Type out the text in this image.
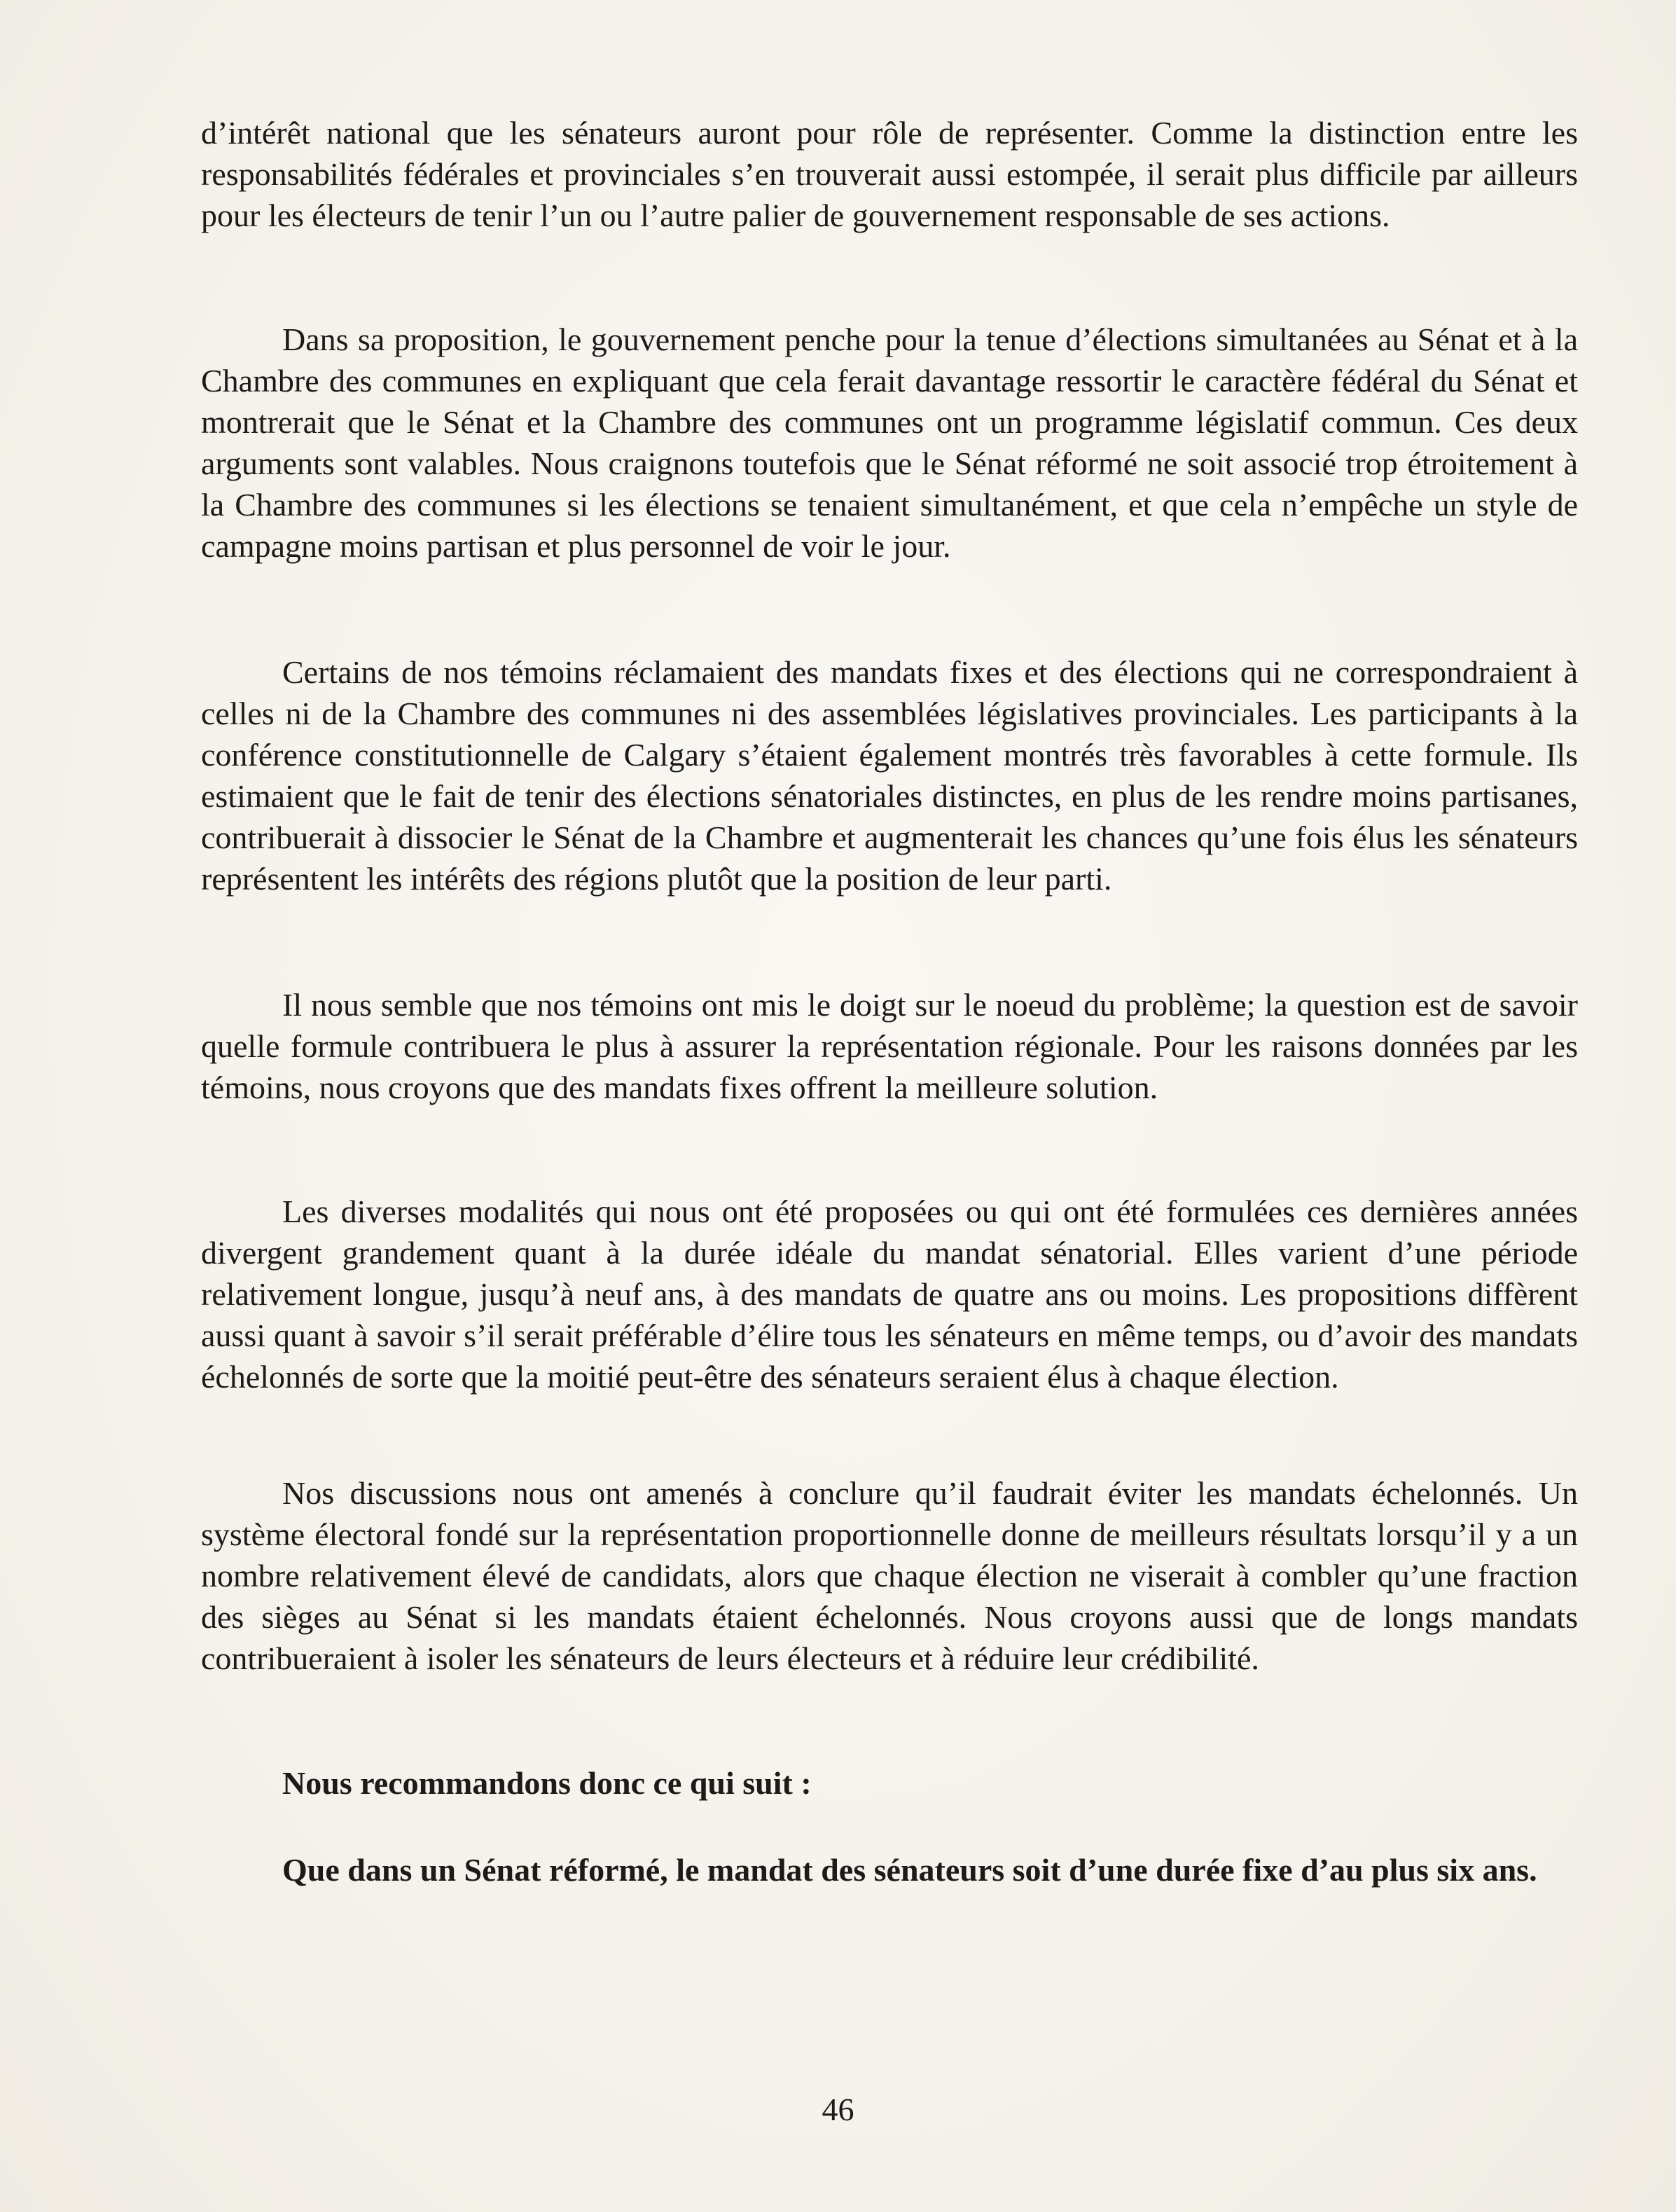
d’intérêt national que les sénateurs auront pour rôle de représenter. Comme la distinction entre les responsabilités fédérales et provinciales s’en trouverait aussi estompée, il serait plus difficile par ailleurs pour les électeurs de tenir l’un ou l’autre palier de gouvernement responsable de ses actions.

Dans sa proposition, le gouvernement penche pour la tenue d’élections simultanées au Sénat et à la Chambre des communes en expliquant que cela ferait davantage ressortir le caractère fédéral du Sénat et montrerait que le Sénat et la Chambre des communes ont un programme législatif commun. Ces deux arguments sont valables. Nous craignons toutefois que le Sénat réformé ne soit associé trop étroitement à la Chambre des communes si les élections se tenaient simultanément, et que cela n’empêche un style de campagne moins partisan et plus personnel de voir le jour.

Certains de nos témoins réclamaient des mandats fixes et des élections qui ne correspondraient à celles ni de la Chambre des communes ni des assemblées législatives provinciales. Les participants à la conférence constitutionnelle de Calgary s’étaient également montrés très favorables à cette formule. Ils estimaient que le fait de tenir des élections sénatoriales distinctes, en plus de les rendre moins partisanes, contribuerait à dissocier le Sénat de la Chambre et augmenterait les chances qu’une fois élus les sénateurs représentent les intérêts des régions plutôt que la position de leur parti.

Il nous semble que nos témoins ont mis le doigt sur le noeud du problème; la question est de savoir quelle formule contribuera le plus à assurer la représentation régionale. Pour les raisons données par les témoins, nous croyons que des mandats fixes offrent la meilleure solution.

Les diverses modalités qui nous ont été proposées ou qui ont été formulées ces dernières années divergent grandement quant à la durée idéale du mandat sénatorial. Elles varient d’une période relativement longue, jusqu’à neuf ans, à des mandats de quatre ans ou moins. Les propositions diffèrent aussi quant à savoir s’il serait préférable d’élire tous les sénateurs en même temps, ou d’avoir des mandats échelonnés de sorte que la moitié peut-être des sénateurs seraient élus à chaque élection.

Nos discussions nous ont amenés à conclure qu’il faudrait éviter les mandats échelonnés. Un système électoral fondé sur la représentation proportionnelle donne de meilleurs résultats lorsqu’il y a un nombre relativement élevé de candidats, alors que chaque élection ne viserait à combler qu’une fraction des sièges au Sénat si les mandats étaient échelonnés. Nous croyons aussi que de longs mandats contribueraient à isoler les sénateurs de leurs électeurs et à réduire leur crédibilité.

Nous recommandons donc ce qui suit :

Que dans un Sénat réformé, le mandat des sénateurs soit d’une durée fixe d’au plus six ans.

46
